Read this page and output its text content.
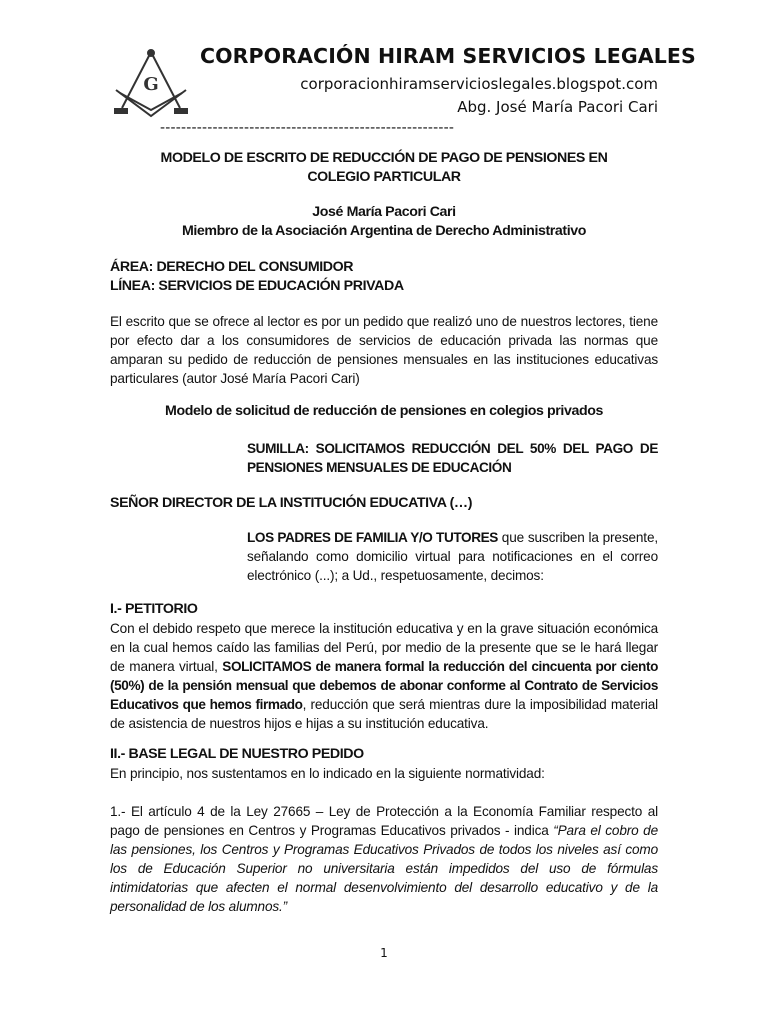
G
CORPORACIÓN HIRAM SERVICIOS LEGALES
corporacionhiramservicioslegales.blogspot.com
Abg. José María Pacori Cari
--------------------------------------------------------
MODELO DE ESCRITO DE REDUCCIÓN DE PAGO DE PENSIONES EN
COLEGIO PARTICULAR
José María Pacori Cari
Miembro de la Asociación Argentina de Derecho Administrativo
ÁREA: DERECHO DEL CONSUMIDOR
LÍNEA: SERVICIOS DE EDUCACIÓN PRIVADA
El escrito que se ofrece al lector es por un pedido que realizó uno de nuestros lectores, tiene por efecto dar a los consumidores de servicios de educación privada las normas que amparan su pedido de reducción de pensiones mensuales en las instituciones educativas particulares (autor José María Pacori Cari)
Modelo de solicitud de reducción de pensiones en colegios privados
SUMILLA: SOLICITAMOS REDUCCIÓN DEL 50% DEL PAGO DE PENSIONES MENSUALES DE EDUCACIÓN
SEÑOR DIRECTOR DE LA INSTITUCIÓN EDUCATIVA (…)
LOS PADRES DE FAMILIA Y/O TUTORES que suscriben la presente, señalando como domicilio virtual para notificaciones en el correo electrónico (...); a Ud., respetuosamente, decimos:
I.- PETITORIO
Con el debido respeto que merece la institución educativa y en la grave situación económica en la cual hemos caído las familias del Perú, por medio de la presente que se le hará llegar de manera virtual, SOLICITAMOS de manera formal la reducción del cincuenta por ciento (50%) de la pensión mensual que debemos de abonar conforme al Contrato de Servicios Educativos que hemos firmado, reducción que será mientras dure la imposibilidad material de asistencia de nuestros hijos e hijas a su institución educativa.
II.- BASE LEGAL DE NUESTRO PEDIDO
En principio, nos sustentamos en lo indicado en la siguiente normatividad:
1.- El artículo 4 de la Ley 27665 – Ley de Protección a la Economía Familiar respecto al pago de pensiones en Centros y Programas Educativos privados - indica “Para el cobro de las pensiones, los Centros y Programas Educativos Privados de todos los niveles así como los de Educación Superior no universitaria están impedidos del uso de fórmulas intimidatorias que afecten el normal desenvolvimiento del desarrollo educativo y de la personalidad de los alumnos.”
1
